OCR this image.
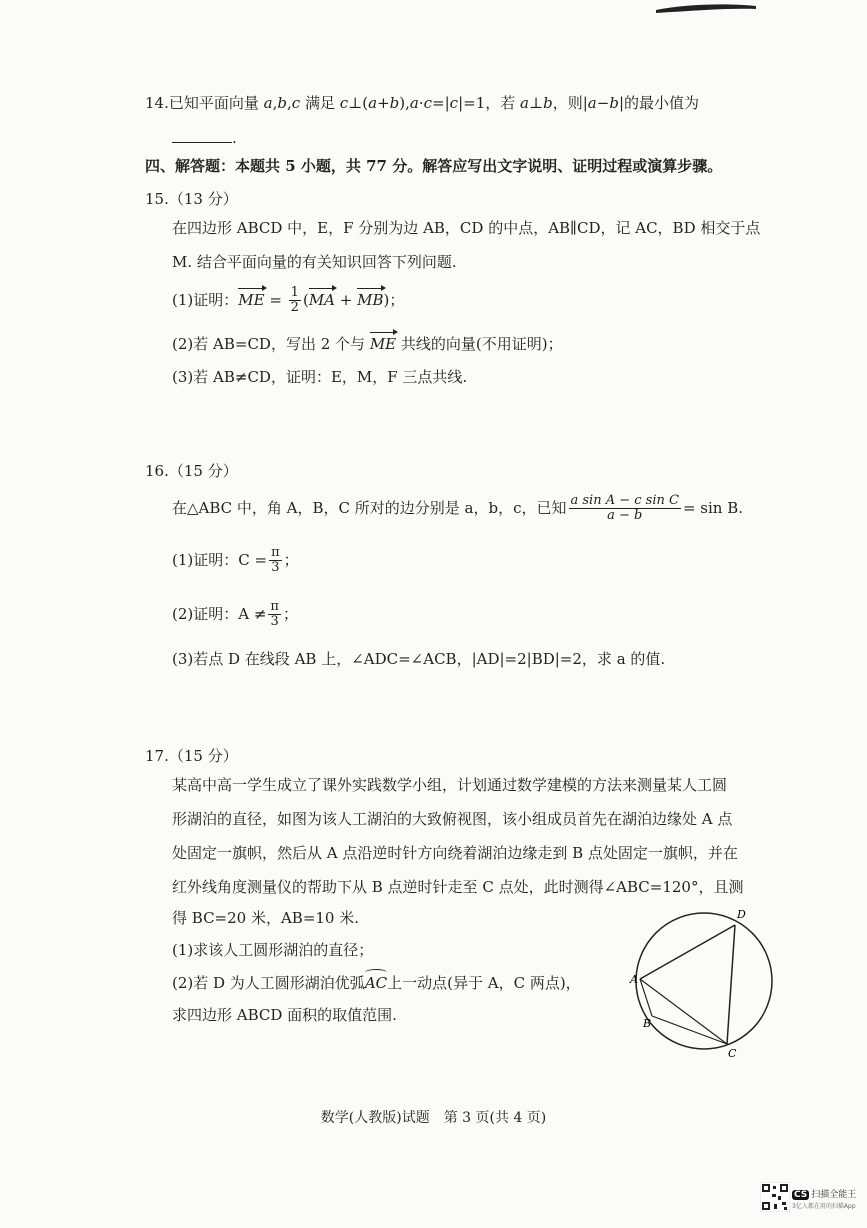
14.已知平面向量 a,b,c 满足 c⊥(a+b),a·c=|c|=1，若 a⊥b，则|a−b|的最小值为
.
四、解答题：本题共 5 小题，共 77 分。解答应写出文字说明、证明过程或演算步骤。
15.（13 分）
在四边形 ABCD 中，E，F 分别为边 AB，CD 的中点，AB∥CD，记 AC，BD 相交于点
M. 结合平面向量的有关知识回答下列问题.
(1)证明：ME = $\frac{1}{2} (MA + MB)$；
(2)若 AB=CD，写出 2 个与 ME 共线的向量(不用证明)；
(3)若 AB≠CD，证明：E，M，F 三点共线.
16.（15 分）
在△ABC 中，角 A，B，C 所对的边分别是 a，b，c，已知 $\frac{\text{a sin A − c sin C}}{a - b} = \sin B$.
(1)证明：$C = \frac{\pi}{3}$ ；
(2)证明：$A \ne \frac{\pi}{3}$ ；
(3)若点 D 在线段 AB 上，∠ADC=∠ACB，|AD|=2|BD|=2，求 a 的值.
17.（15 分）
某高中高一学生成立了课外实践数学小组，计划通过数学建模的方法来测量某人工圆
形湖泊的直径，如图为该人工湖泊的大致俯视图，该小组成员首先在湖泊边缘处 A 点
处固定一旗帜，然后从 A 点沿逆时针方向绕着湖泊边缘走到 B 点处固定一旗帜，并在
红外线角度测量仪的帮助下从 B 点逆时针走至 C 点处，此时测得∠ABC=120°，且测
得 BC=20 米，AB=10 米.
(1)求该人工圆形湖泊的直径；
(2)若 D 为人工圆形湖泊优弧AC上一动点(异于 A，C 两点)，
求四边形 ABCD 面积的取值范围.
A
B
C
D
数学(人教版)试题　第 3 页(共 4 页)
CS 扫描全能王
3亿人都在用的扫描App
